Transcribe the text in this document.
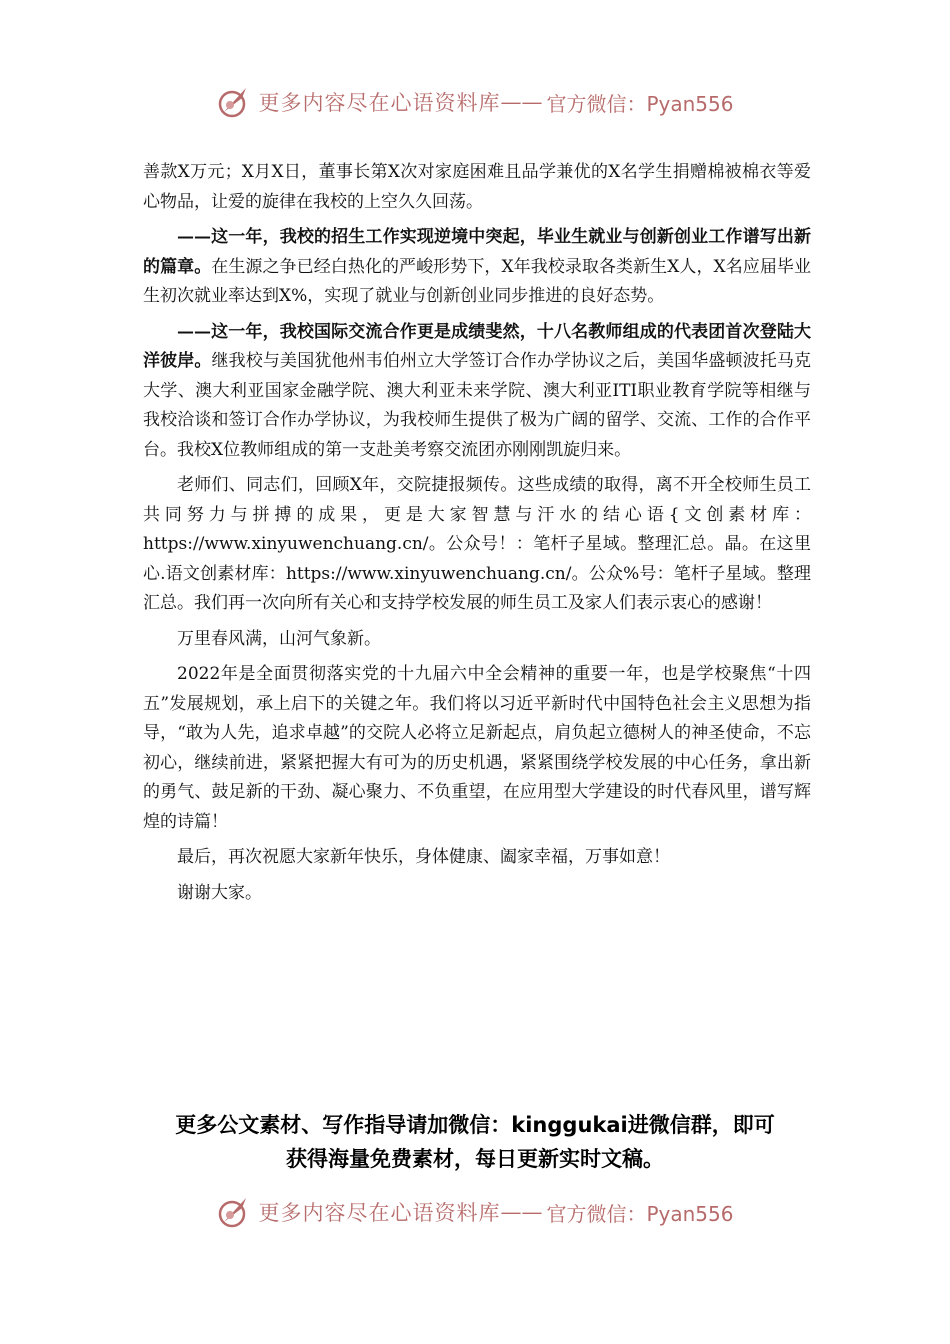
更多内容尽在心语资料库 —— 官方微信：Pyan556

善款X万元；X月X日，董事长第X次对家庭困难且品学兼优的X名学生捐赠棉被棉衣等爱心物品，让爱的旋律在我校的上空久久回荡。

——这一年，我校的招生工作实现逆境中突起，毕业生就业与创新创业工作谱写出新的篇章。在生源之争已经白热化的严峻形势下，X年我校录取各类新生X人，X名应届毕业生初次就业率达到X%，实现了就业与创新创业同步推进的良好态势。

——这一年，我校国际交流合作更是成绩斐然，十八名教师组成的代表团首次登陆大洋彼岸。继我校与美国犹他州韦伯州立大学签订合作办学协议之后，美国华盛顿波托马克大学、澳大利亚国家金融学院、澳大利亚未来学院、澳大利亚ITI职业教育学院等相继与我校洽谈和签订合作办学协议，为我校师生提供了极为广阔的留学、交流、工作的合作平台。我校X位教师组成的第一支赴美考察交流团亦刚刚凯旋归来。

老师们、同志们，回顾X年，交院捷报频传。这些成绩的取得，离不开全校师生员工共同努力与拼搏的成果，更是大家智慧与汗水的结心语{文创素材库：https://www.xinyuwenchuang.cn/。公众号！：笔杆子星域。整理汇总。晶。在这里心.语文创素材库：https://www.xinyuwenchuang.cn/。公众%号：笔杆子星域。整理汇总。我们再一次向所有关心和支持学校发展的师生员工及家人们表示衷心的感谢！

万里春风满，山河气象新。

2022年是全面贯彻落实党的十九届六中全会精神的重要一年，也是学校聚焦“十四五”发展规划，承上启下的关键之年。我们将以习近平新时代中国特色社会主义思想为指导，“敢为人先，追求卓越”的交院人必将立足新起点，肩负起立德树人的神圣使命，不忘初心，继续前进，紧紧把握大有可为的历史机遇，紧紧围绕学校发展的中心任务，拿出新的勇气、鼓足新的干劲、凝心聚力、不负重望，在应用型大学建设的时代春风里，谱写辉煌的诗篇！

最后，再次祝愿大家新年快乐，身体健康、阖家幸福，万事如意！

谢谢大家。

更多公文素材、写作指导请加微信：kinggukai进微信群，即可
获得海量免费素材，每日更新实时文稿。
更多内容尽在心语资料库 —— 官方微信：Pyan556
